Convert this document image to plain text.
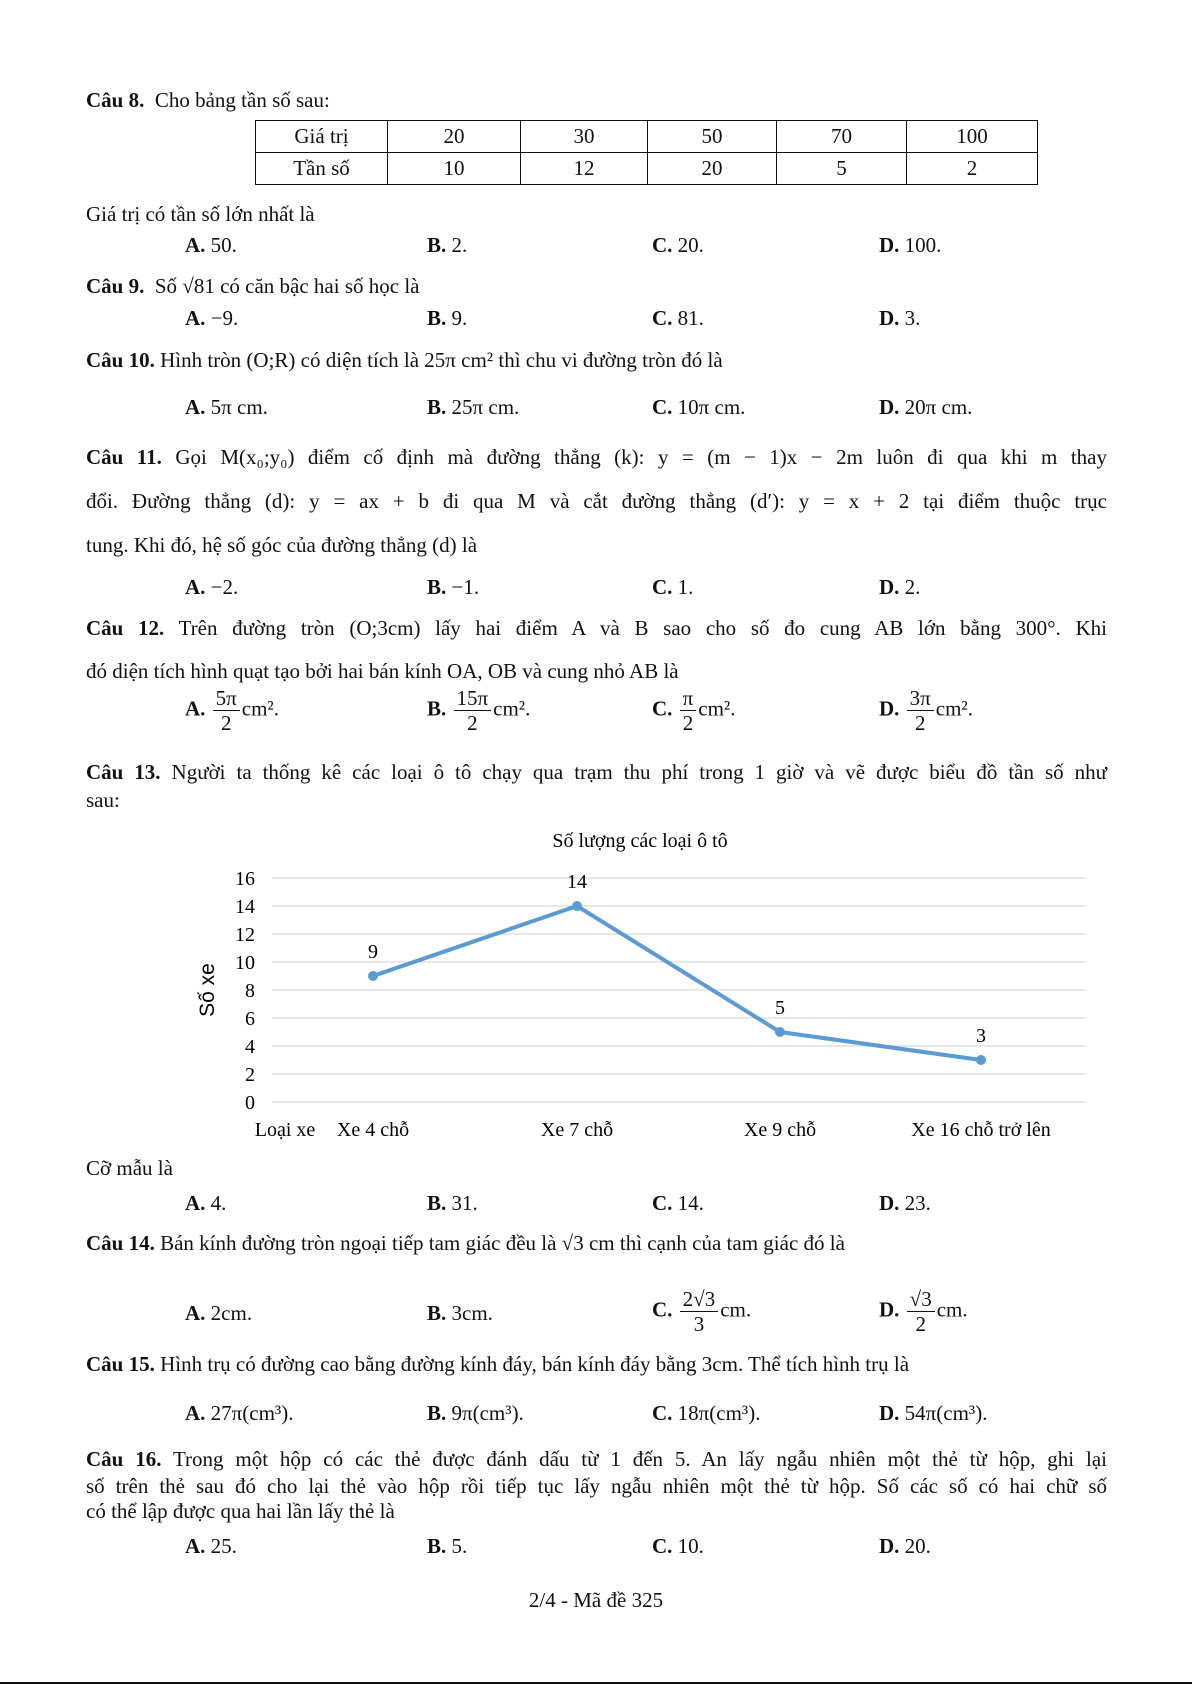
Câu 8. Cho bảng tần số sau:
Giá trị	20	30	50	70	100
Tần số	10	12	20	5	2
Giá trị có tần số lớn nhất là
Câu 9. Số √81 có căn bậc hai số học là
Câu 10. Hình tròn (O;R) có diện tích là 25π cm² thì chu vi đường tròn đó là
Câu 11. Gọi M(x₀;y₀) điểm cố định mà đường thẳng (k): y = (m − 1)x − 2m luôn đi qua khi m thay
đổi. Đường thẳng (d): y = ax + b đi qua M và cắt đường thẳng (d′): y = x + 2 tại điểm thuộc trục
tung. Khi đó, hệ số góc của đường thẳng (d) là
Câu 12. Trên đường tròn (O;3cm) lấy hai điểm A và B sao cho số đo cung AB lớn bằng 300°. Khi
đó diện tích hình quạt tạo bởi hai bán kính OA, OB và cung nhỏ AB là
Câu 13. Người ta thống kê các loại ô tô chạy qua trạm thu phí trong 1 giờ và vẽ được biểu đồ tần số như
sau:
Số lượng các loại ô tô
0
2
4
6
8
10
12
14
16
Số xe
Loại xe
9
Xe 4 chỗ
14
Xe 7 chỗ
5
Xe 9 chỗ
3
Xe 16 chỗ trở lên
Cỡ mẫu là
Câu 14. Bán kính đường tròn ngoại tiếp tam giác đều là √3 cm thì cạnh của tam giác đó là
Câu 15. Hình trụ có đường cao bằng đường kính đáy, bán kính đáy bằng 3cm. Thể tích hình trụ là
Câu 16. Trong một hộp có các thẻ được đánh dấu từ 1 đến 5. An lấy ngẫu nhiên một thẻ từ hộp, ghi lại
số trên thẻ sau đó cho lại thẻ vào hộp rồi tiếp tục lấy ngẫu nhiên một thẻ từ hộp. Số các số có hai chữ số
có thể lập được qua hai lần lấy thẻ là
2/4 - Mã đề 325
A. 50.	B. 2.	C. 20.	D. 100.
A. −9.	B. 9.	C. 81.	D. 3.
A. 5π cm.	B. 25π cm.	C. 10π cm.	D. 20π cm.
A. −2.	B. −1.	C. 1.	D. 2.
A. $\frac{5\pi}{2} cm^2$.	B. $\frac{15\pi}{2} cm^2$.	C. $\frac{\pi}{2} cm^2$.	D. $\frac{3\pi}{2} cm^2$.
A. 4.	B. 31.	C. 14.	D. 23.
A. 2cm.	B. 3cm.	C. $\frac{2√3}{3}$ cm.	D. $\frac{√3}{2}$ cm.
A. 27π(cm³).	B. 9π(cm³).	C. 18π(cm³).	D. 54π(cm³).
A. 25.	B. 5.	C. 10.	D. 20.
